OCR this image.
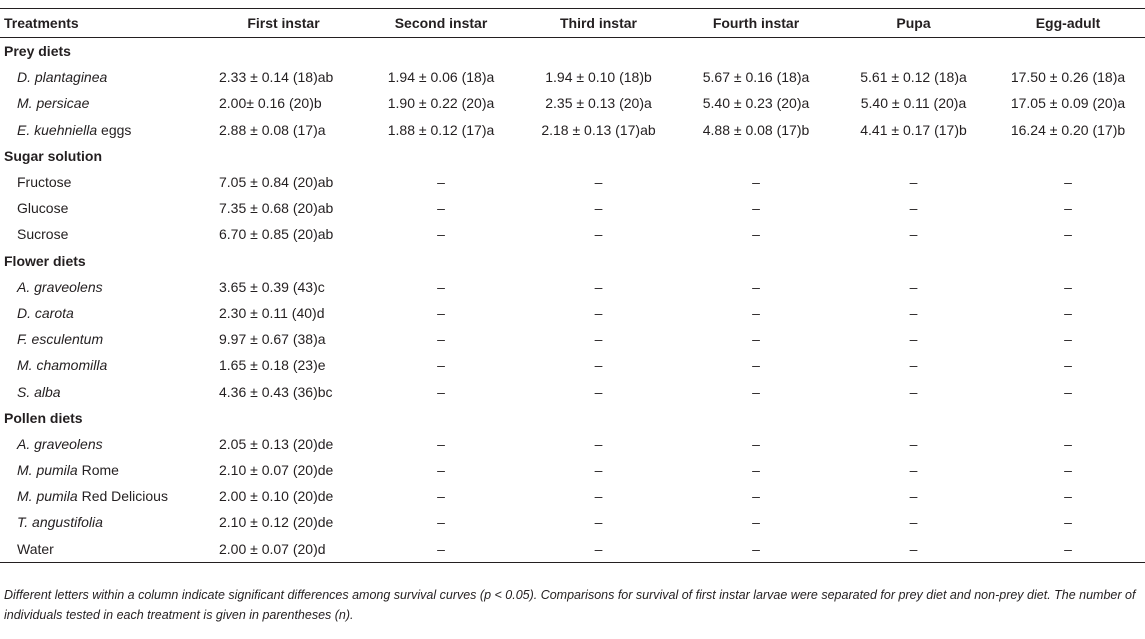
Treatments	First instar	Second instar	Third instar	Fourth instar	Pupa	Egg-adult
Prey diets						
D. plantaginea	2.33 ± 0.14 (18)ab	1.94 ± 0.06 (18)a	1.94 ± 0.10 (18)b	5.67 ± 0.16 (18)a	5.61 ± 0.12 (18)a	17.50 ± 0.26 (18)a
M. persicae	2.00± 0.16 (20)b	1.90 ± 0.22 (20)a	2.35 ± 0.13 (20)a	5.40 ± 0.23 (20)a	5.40 ± 0.11 (20)a	17.05 ± 0.09 (20)a
E. kuehniella eggs	2.88 ± 0.08 (17)a	1.88 ± 0.12 (17)a	2.18 ± 0.13 (17)ab	4.88 ± 0.08 (17)b	4.41 ± 0.17 (17)b	16.24 ± 0.20 (17)b
Sugar solution						
Fructose	7.05 ± 0.84 (20)ab	–	–	–	–	–
Glucose	7.35 ± 0.68 (20)ab	–	–	–	–	–
Sucrose	6.70 ± 0.85 (20)ab	–	–	–	–	–
Flower diets						
A. graveolens	3.65 ± 0.39 (43)c	–	–	–	–	–
D. carota	2.30 ± 0.11 (40)d	–	–	–	–	–
F. esculentum	9.97 ± 0.67 (38)a	–	–	–	–	–
M. chamomilla	1.65 ± 0.18 (23)e	–	–	–	–	–
S. alba	4.36 ± 0.43 (36)bc	–	–	–	–	–
Pollen diets						
A. graveolens	2.05 ± 0.13 (20)de	–	–	–	–	–
M. pumila Rome	2.10 ± 0.07 (20)de	–	–	–	–	–
M. pumila Red Delicious	2.00 ± 0.10 (20)de	–	–	–	–	–
T. angustifolia	2.10 ± 0.12 (20)de	–	–	–	–	–
Water	2.00 ± 0.07 (20)d	–	–	–	–	–
Different letters within a column indicate significant differences among survival curves (p < 0.05). Comparisons for survival of first instar larvae were separated for prey diet and non-prey diet. The number of individuals tested in each treatment is given in parentheses (n).
